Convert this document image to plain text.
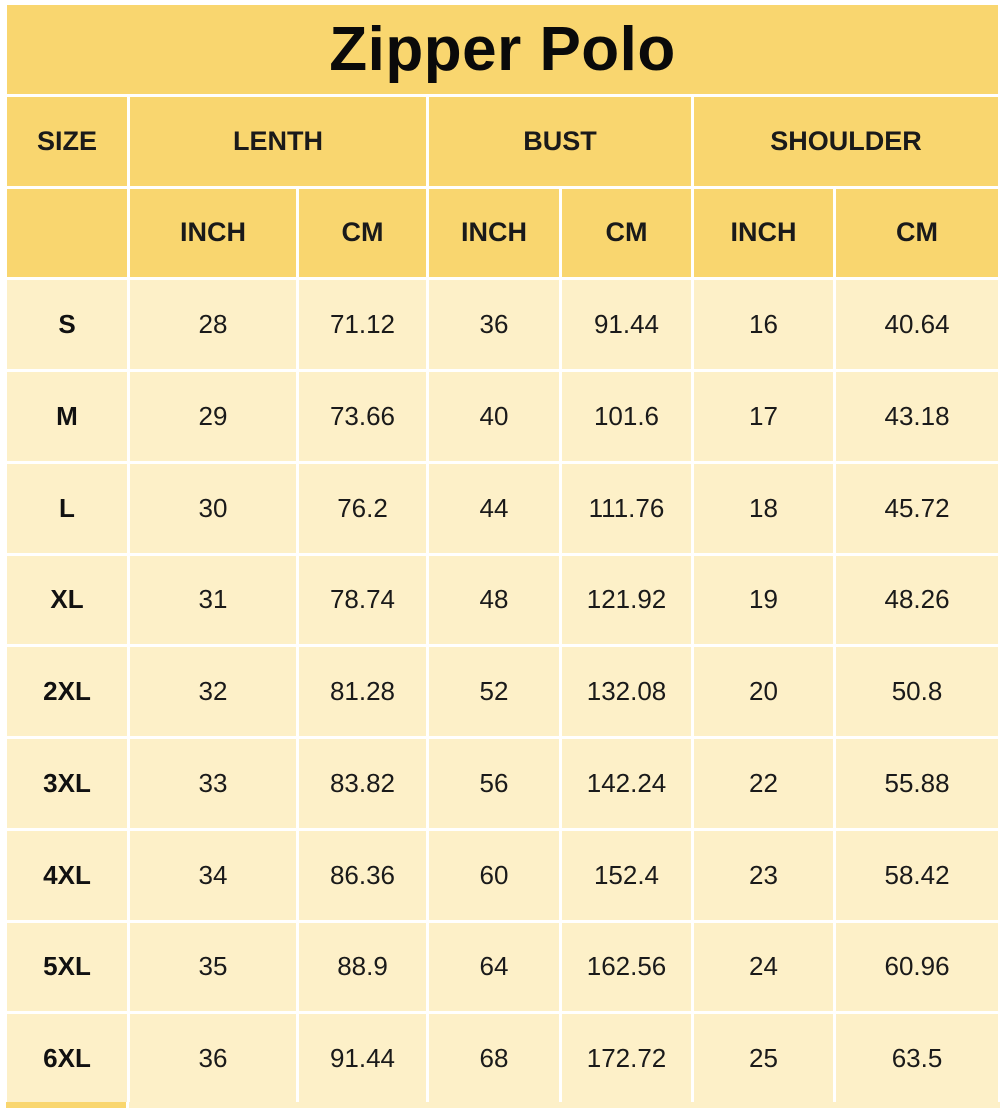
Zipper Polo						
SIZE	LENTH		BUST		SHOULDER	
	INCH	CM	INCH	CM	INCH	CM
S	28	71.12	36	91.44	16	40.64
M	29	73.66	40	101.6	17	43.18
L	30	76.2	44	111.76	18	45.72
XL	31	78.74	48	121.92	19	48.26
2XL	32	81.28	52	132.08	20	50.8
3XL	33	83.82	56	142.24	22	55.88
4XL	34	86.36	60	152.4	23	58.42
5XL	35	88.9	64	162.56	24	60.96
6XL	36	91.44	68	172.72	25	63.5
